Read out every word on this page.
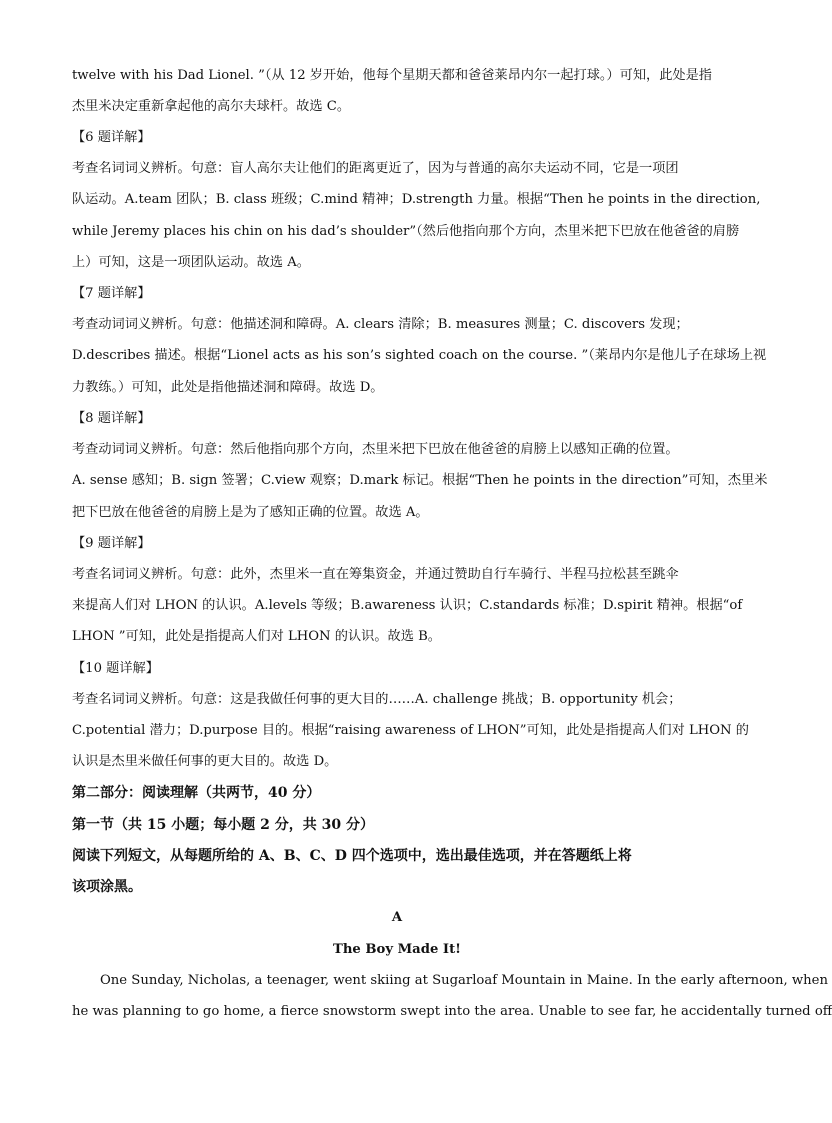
twelve with his Dad Lionel. ”（从 12 岁开始，他每个星期天都和爸爸莱昂内尔一起打球。）可知，此处是指
杰里米决定重新拿起他的高尔夫球杆。故选 C。
【6 题详解】
考查名词词义辨析。句意：盲人高尔夫让他们的距离更近了，因为与普通的高尔夫运动不同，它是一项团
队运动。A.team 团队；B. class 班级；C.mind 精神；D.strength 力量。根据“Then he points in the direction,
while Jeremy places his chin on his dad’s shoulder”（然后他指向那个方向，杰里米把下巴放在他爸爸的肩膀
上）可知，这是一项团队运动。故选 A。
【7 题详解】
考查动词词义辨析。句意：他描述洞和障碍。A. clears 清除；B. measures 测量；C. discovers 发现；
D.describes 描述。根据“Lionel acts as his son’s sighted coach on the course. ”（莱昂内尔是他儿子在球场上视
力教练。）可知，此处是指他描述洞和障碍。故选 D。
【8 题详解】
考查动词词义辨析。句意：然后他指向那个方向，杰里米把下巴放在他爸爸的肩膀上以感知正确的位置。
A. sense 感知；B. sign 签署；C.view 观察；D.mark 标记。根据“Then he points in the direction”可知，杰里米
把下巴放在他爸爸的肩膀上是为了感知正确的位置。故选 A。
【9 题详解】
考查名词词义辨析。句意：此外，杰里米一直在筹集资金，并通过赞助自行车骑行、半程马拉松甚至跳伞
来提高人们对 LHON 的认识。A.levels 等级；B.awareness 认识；C.standards 标准；D.spirit 精神。根据“of
LHON ”可知，此处是指提高人们对 LHON 的认识。故选 B。
【10 题详解】
考查名词词义辨析。句意：这是我做任何事的更大目的……A. challenge 挑战；B. opportunity 机会；
C.potential 潜力；D.purpose 目的。根据“raising awareness of LHON”可知，此处是指提高人们对 LHON 的
认识是杰里米做任何事的更大目的。故选 D。
第二部分：阅读理解（共两节，40 分）
第一节（共 15 小题；每小题 2 分，共 30 分）
阅读下列短文，从每题所给的 A、B、C、D 四个选项中，选出最佳选项，并在答题纸上将
该项涂黑。
A
The Boy Made It!
One Sunday, Nicholas, a teenager, went skiing at Sugarloaf Mountain in Maine. In the early afternoon, when
he was planning to go home, a fierce snowstorm swept into the area. Unable to see far, he accidentally turned off
